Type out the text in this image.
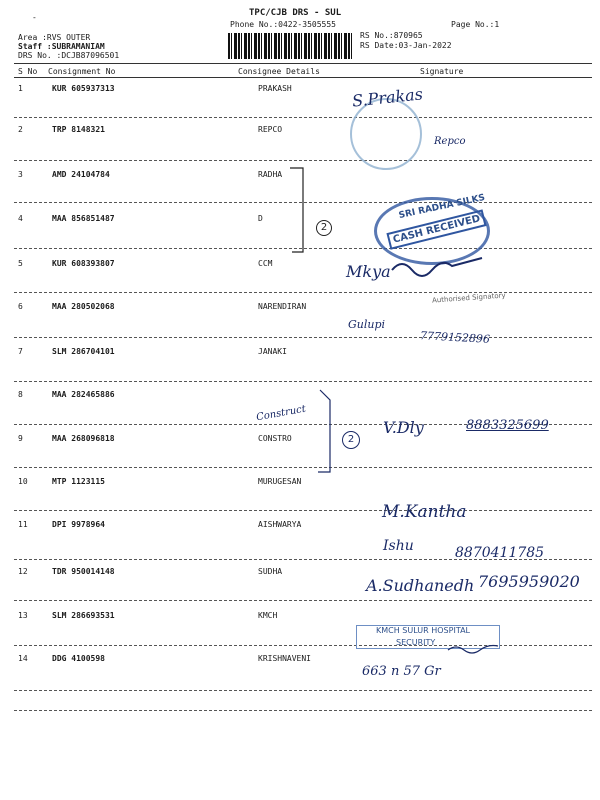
-	TPC/CJB DRS - SUL
Phone No.:0422-3505555	Page No.:1
Area :RVS OUTER
Staff :SUBRAMANIAM
DRS No. :DCJB87096501
RS No.:870965
RS Date:03-Jan-2022
S No Consignment No	Consignee Details	Signature
1	KUR 605937313	PRAKASH
2	TRP 8148321	REPCO
3	AMD 24104784	RADHA
4	MAA 856851487	D
5	KUR 608393807	CCM
6	MAA 280502068	NARENDIRAN
7	SLM 286704101	JANAKI
8	MAA 282465886
9	MAA 268096818	CONSTRO
10	MTP 1123115	MURUGESAN
11	DPI 9978964	AISHWARYA
12	TDR 950014148	SUDHA
13	SLM 286693531	KMCH
14	DDG 4100598	KRISHNAVENI
SRI RADHA SILKS
CASH RECEIVED
KMCH SULUR HOSPITAL
SECURITY
S.Prakas
Repco
2
Mkya
Authorised Signatory
Gulupi
7779152896
Construct
2
V.Dly	8883325699
M.Kantha
Ishu	8870411785
A.Sudhanedh 7695959020
663 n 57 Gr
